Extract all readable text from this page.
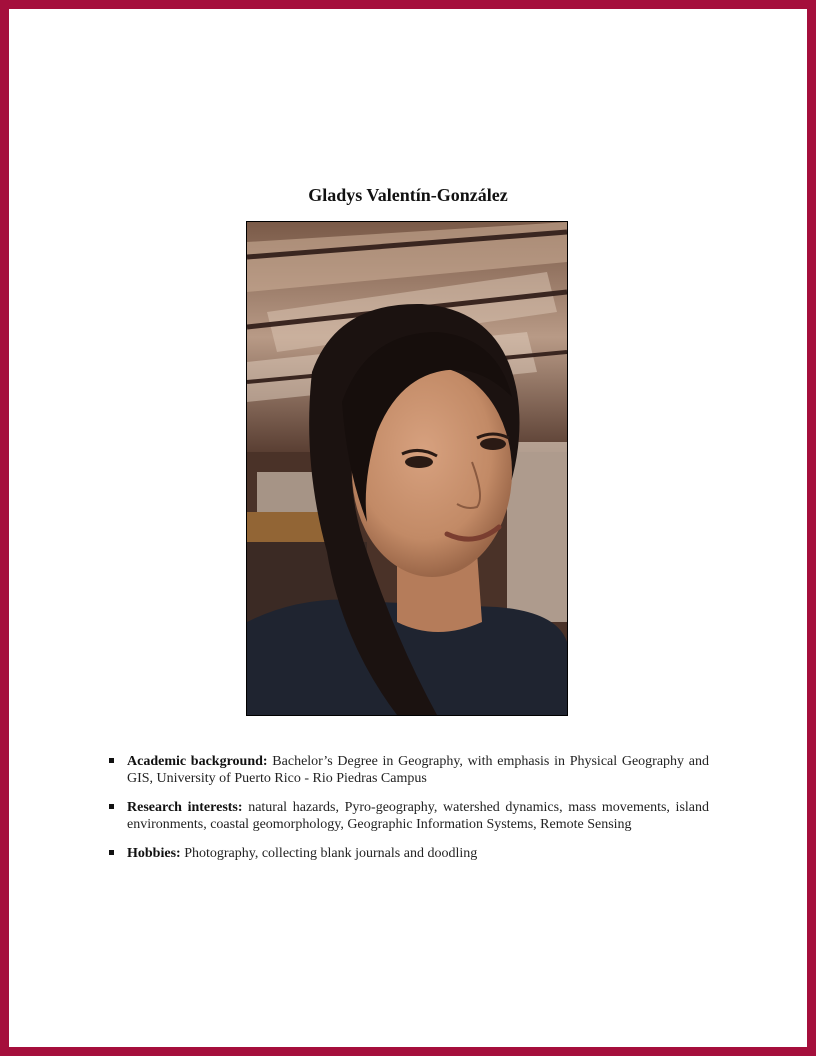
Gladys Valentín-González
Academic background: Bachelor’s Degree in Geography, with emphasis in Physical Geography and GIS, University of Puerto Rico - Rio Piedras Campus
Research interests: natural hazards, Pyro-geography, watershed dynamics, mass movements, island environments, coastal geomorphology, Geographic Information Systems, Remote Sensing
Hobbies: Photography, collecting blank journals and doodling
